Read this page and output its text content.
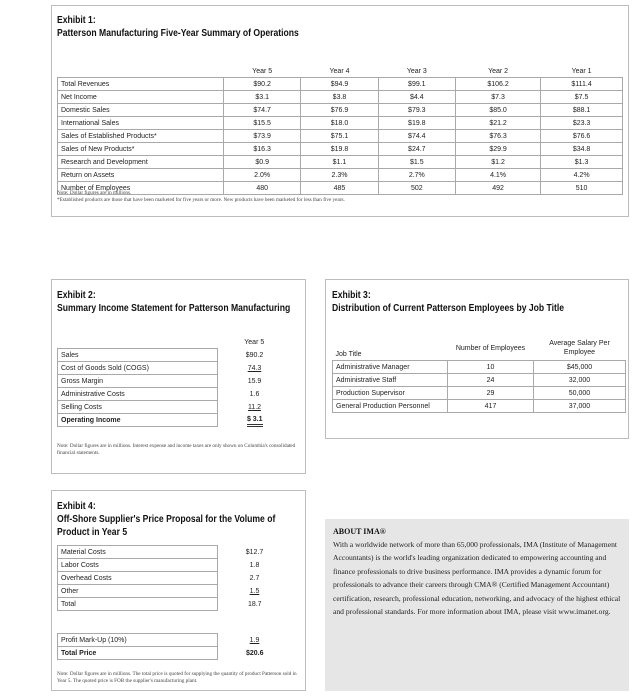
Exhibit 1:
Patterson Manufacturing Five-Year Summary of Operations
	Year 5	Year 4	Year 3	Year 2	Year 1
Total Revenues	$90.2	$94.9	$99.1	$106.2	$111.4
Net Income	$3.1	$3.8	$4.4	$7.3	$7.5
Domestic Sales	$74.7	$76.9	$79.3	$85.0	$88.1
International Sales	$15.5	$18.0	$19.8	$21.2	$23.3
Sales of Established Products*	$73.9	$75.1	$74.4	$76.3	$76.6
Sales of New Products*	$16.3	$19.8	$24.7	$29.9	$34.8
Research and Development	$0.9	$1.1	$1.5	$1.2	$1.3
Return on Assets	2.0%	2.3%	2.7%	4.1%	4.2%
Number of Employees	480	485	502	492	510
Note: Dollar figures are in millions.
*Established products are those that have been marketed for five years or more. New products have been marketed for less than five years.
Exhibit 2:
Summary Income Statement for Patterson Manufacturing
	Year 5
Sales	$90.2
Cost of Goods Sold (COGS)	74.3
Gross Margin	15.9
Administrative Costs	1.6
Selling Costs	11.2
Operating Income	$ 3.1
Note: Dollar figures are in millions. Interest expense and income taxes are only shown on Columbia's consolidated financial statements.
Exhibit 3:
Distribution of Current Patterson Employees by Job Title
Job Title	Number of Employees	Average Salary Per Employee
Administrative Manager	10	$45,000
Administrative Staff	24	32,000
Production Supervisor	29	50,000
General Production Personnel	417	37,000
Exhibit 4:
Off-Shore Supplier's Price Proposal for the Volume of
Product in Year 5
Material Costs	$12.7
Labor Costs	1.8
Overhead Costs	2.7
Other	1.5
Total	18.7
Profit Mark-Up (10%)	1.9
Total Price	$20.6
Note: Dollar figures are in millions. The total price is quoted for supplying the quantity of product Patterson sold in Year 5. The quoted price is FOB the supplier's manufacturing plant.
ABOUT IMA®
With a worldwide network of more than 65,000 professionals, IMA (Institute of Management Accountants) is the world's leading organization dedicated to empowering accounting and finance professionals to drive business performance. IMA provides a dynamic forum for professionals to advance their careers through CMA® (Certified Management Accountant) certification, research, professional education, networking, and advocacy of the highest ethical and professional standards. For more information about IMA, please visit www.imanet.org.
